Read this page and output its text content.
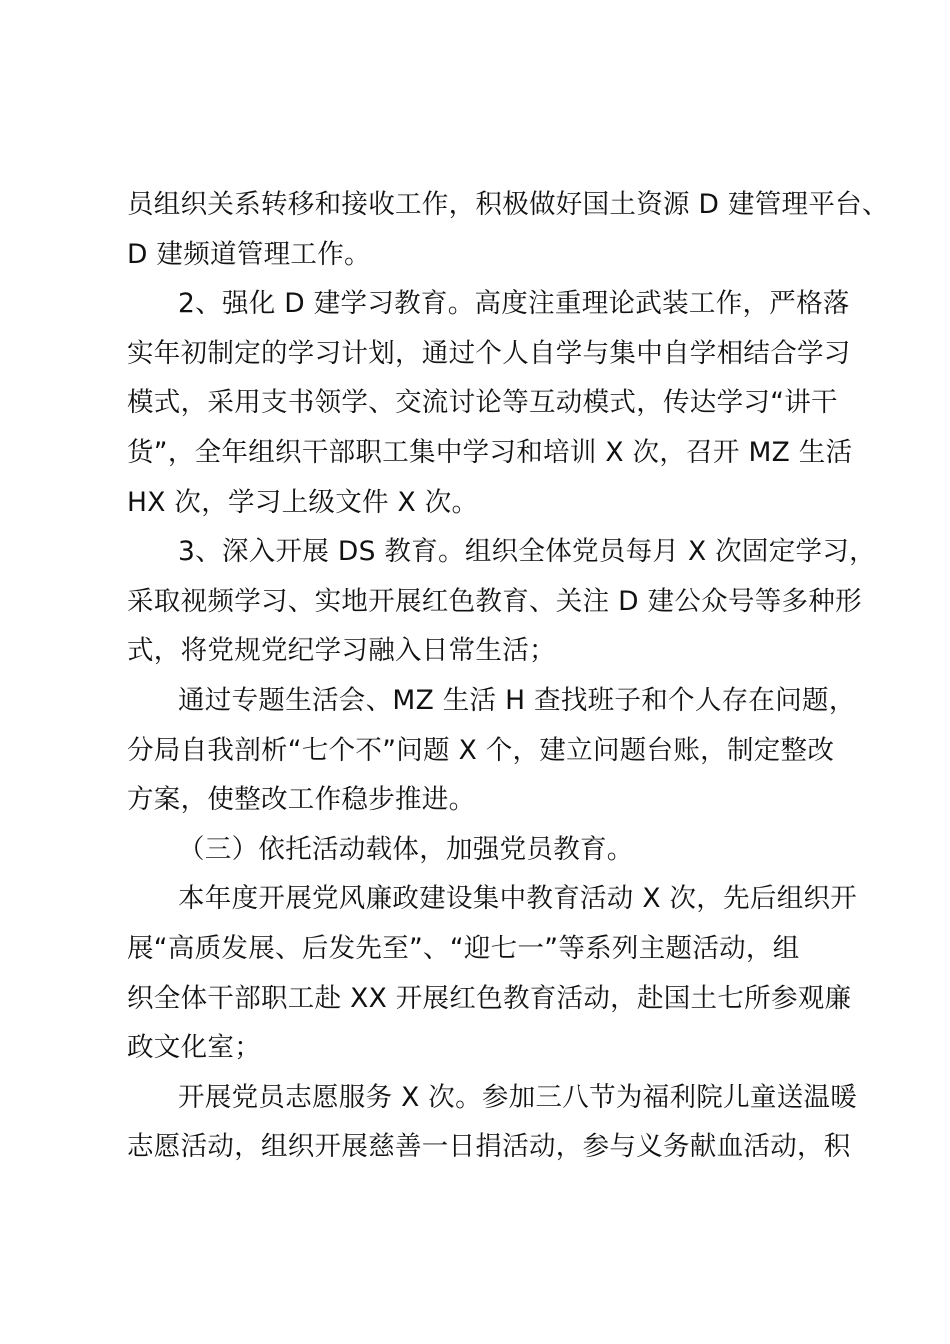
员组织关系转移和接收工作，积极做好国土资源 D 建管理平台、
D 建频道管理工作。
2、强化 D 建学习教育。高度注重理论武装工作，严格落
实年初制定的学习计划，通过个人自学与集中自学相结合学习
模式，采用支书领学、交流讨论等互动模式，传达学习“讲干
货”，全年组织干部职工集中学习和培训 X 次，召开 MZ 生活
HX 次，学习上级文件 X 次。
3、深入开展 DS 教育。组织全体党员每月 X 次固定学习，
采取视频学习、实地开展红色教育、关注 D 建公众号等多种形
式，将党规党纪学习融入日常生活；
通过专题生活会、MZ 生活 H 查找班子和个人存在问题，
分局自我剖析“七个不”问题 X 个，建立问题台账，制定整改
方案，使整改工作稳步推进。
（三）依托活动载体，加强党员教育。
本年度开展党风廉政建设集中教育活动 X 次，先后组织开
展“高质发展、后发先至”、“迎七一”等系列主题活动，组
织全体干部职工赴 XX 开展红色教育活动，赴国土七所参观廉
政文化室；
开展党员志愿服务 X 次。参加三八节为福利院儿童送温暖
志愿活动，组织开展慈善一日捐活动，参与义务献血活动，积
